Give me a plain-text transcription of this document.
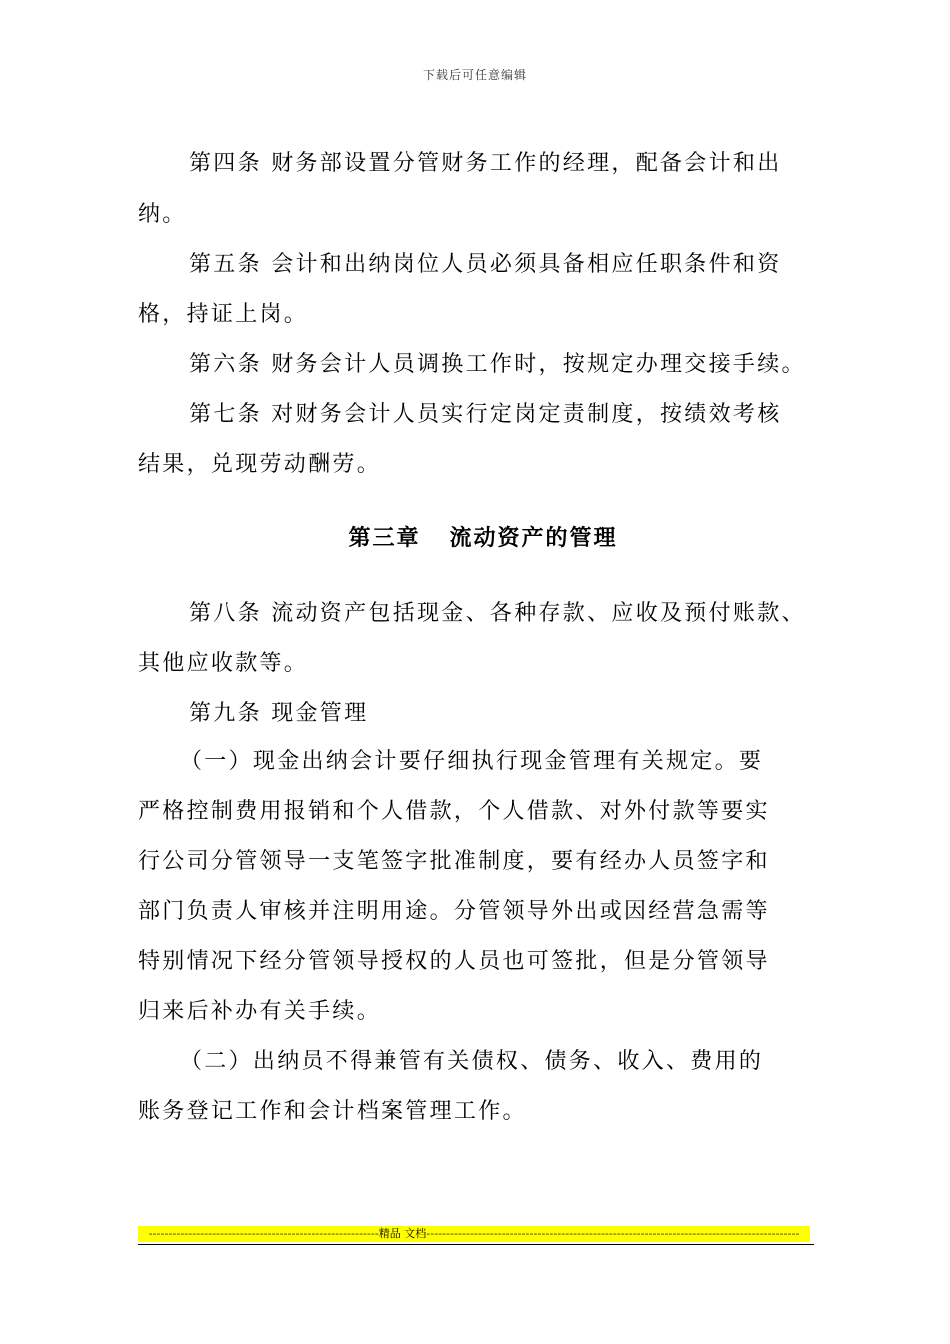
下载后可任意编辑
第四条 财务部设置分管财务工作的经理，配备会计和出
纳。
第五条 会计和出纳岗位人员必须具备相应任职条件和资
格，持证上岗。
第六条 财务会计人员调换工作时，按规定办理交接手续。
第七条 对财务会计人员实行定岗定责制度，按绩效考核
结果，兑现劳动酬劳。
第三章   流动资产的管理
第八条 流动资产包括现金、各种存款、应收及预付账款、
其他应收款等。
第九条 现金管理
（一）现金出纳会计要仔细执行现金管理有关规定。要
严格控制费用报销和个人借款，个人借款、对外付款等要实
行公司分管领导一支笔签字批准制度，要有经办人员签字和
部门负责人审核并注明用途。分管领导外出或因经营急需等
特别情况下经分管领导授权的人员也可签批，但是分管领导
归来后补办有关手续。
（二）出纳员不得兼管有关债权、债务、收入、费用的
账务登记工作和会计档案管理工作。
----------------------------------------------------------精品 文档----------------------------------------------------------------------------------------------
